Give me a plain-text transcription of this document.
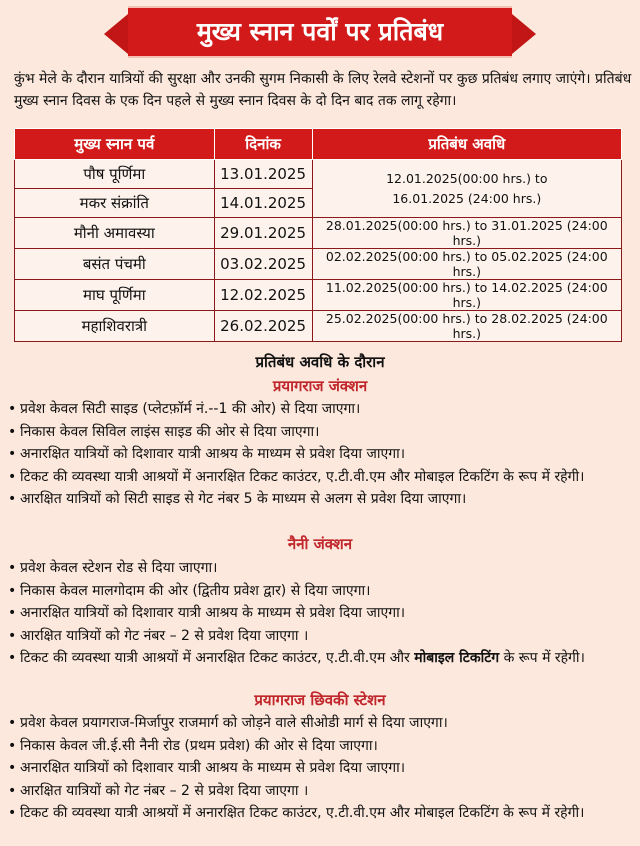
मुख्य स्नान पर्वों पर प्रतिबंध
कुंभ मेले के दौरान यात्रियों की सुरक्षा और उनकी सुगम निकासी के लिए रेलवे स्टेशनों पर कुछ प्रतिबंध लगाए जाएंगे। प्रतिबंध मुख्य स्नान दिवस के एक दिन पहले से मुख्य स्नान दिवस के दो दिन बाद तक लागू रहेगा।
मुख्य स्नान पर्व	दिनांक	प्रतिबंध अवधि
पौष पूर्णिमा	13.01.2025	12.01.2025(00:00 hrs.) to
16.01.2025 (24:00 hrs.)
मकर संक्रांति	14.01.2025	
मौनी अमावस्या	29.01.2025	28.01.2025(00:00 hrs.) to 31.01.2025 (24:00 hrs.)
बसंत पंचमी	03.02.2025	02.02.2025(00:00 hrs.) to 05.02.2025 (24:00 hrs.)
माघ पूर्णिमा	12.02.2025	11.02.2025(00:00 hrs.) to 14.02.2025 (24:00 hrs.)
महाशिवरात्री	26.02.2025	25.02.2025(00:00 hrs.) to 28.02.2025 (24:00 hrs.)
प्रतिबंध अवधि के दौरान
प्रयागराज जंक्शन
• प्रवेश केवल सिटी साइड (प्लेटफ़ॉर्म नं.--1 की ओर) से दिया जाएगा।
• निकास केवल सिविल लाइंस साइड की ओर से दिया जाएगा।
• अनारक्षित यात्रियों को दिशावार यात्री आश्रय के माध्यम से प्रवेश दिया जाएगा।
• टिकट की व्यवस्था यात्री आश्रयों में अनारक्षित टिकट काउंटर, ए.टी.वी.एम और मोबाइल टिकटिंग के रूप में रहेगी।
• आरक्षित यात्रियों को सिटी साइड से गेट नंबर 5 के माध्यम से अलग से प्रवेश दिया जाएगा।
नैनी जंक्शन
• प्रवेश केवल स्टेशन रोड से दिया जाएगा।
• निकास केवल मालगोदाम की ओर (द्वितीय प्रवेश द्वार) से दिया जाएगा।
• अनारक्षित यात्रियों को दिशावार यात्री आश्रय के माध्यम से प्रवेश दिया जाएगा।
• आरक्षित यात्रियों को गेट नंबर – 2 से प्रवेश दिया जाएगा ।
• टिकट की व्यवस्था यात्री आश्रयों में अनारक्षित टिकट काउंटर, ए.टी.वी.एम और मोबाइल टिकटिंग के रूप में रहेगी।
प्रयागराज छिवकी स्टेशन
• प्रवेश केवल प्रयागराज-मिर्जापुर राजमार्ग को जोड़ने वाले सीओडी मार्ग से दिया जाएगा।
• निकास केवल जी.ई.सी नैनी रोड (प्रथम प्रवेश) की ओर से दिया जाएगा।
• अनारक्षित यात्रियों को दिशावार यात्री आश्रय के माध्यम से प्रवेश दिया जाएगा।
• आरक्षित यात्रियों को गेट नंबर – 2 से प्रवेश दिया जाएगा ।
• टिकट की व्यवस्था यात्री आश्रयों में अनारक्षित टिकट काउंटर, ए.टी.वी.एम और मोबाइल टिकटिंग के रूप में रहेगी।
